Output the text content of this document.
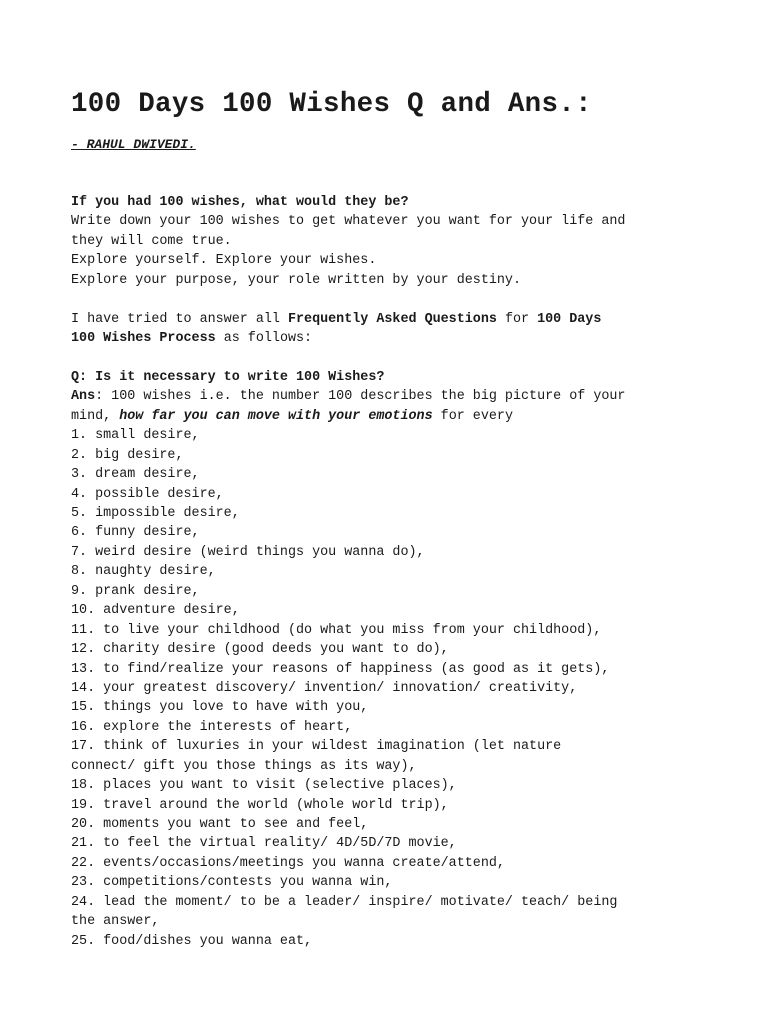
100 Days 100 Wishes Q and Ans.:
- RAHUL DWIVEDI.
If you had 100 wishes, what would they be?
Write down your 100 wishes to get whatever you want for your life and
they will come true.
Explore yourself. Explore your wishes.
Explore your purpose, your role written by your destiny.
I have tried to answer all Frequently Asked Questions for 100 Days
100 Wishes Process as follows:
Q: Is it necessary to write 100 Wishes?
Ans: 100 wishes i.e. the number 100 describes the big picture of your
mind, how far you can move with your emotions for every
1. small desire,
2. big desire,
3. dream desire,
4. possible desire,
5. impossible desire,
6. funny desire,
7. weird desire (weird things you wanna do),
8. naughty desire,
9. prank desire,
10. adventure desire,
11. to live your childhood (do what you miss from your childhood),
12. charity desire (good deeds you want to do),
13. to find/realize your reasons of happiness (as good as it gets),
14. your greatest discovery/ invention/ innovation/ creativity,
15. things you love to have with you,
16. explore the interests of heart,
17. think of luxuries in your wildest imagination (let nature
connect/ gift you those things as its way),
18. places you want to visit (selective places),
19. travel around the world (whole world trip),
20. moments you want to see and feel,
21. to feel the virtual reality/ 4D/5D/7D movie,
22. events/occasions/meetings you wanna create/attend,
23. competitions/contests you wanna win,
24. lead the moment/ to be a leader/ inspire/ motivate/ teach/ being
the answer,
25. food/dishes you wanna eat,
